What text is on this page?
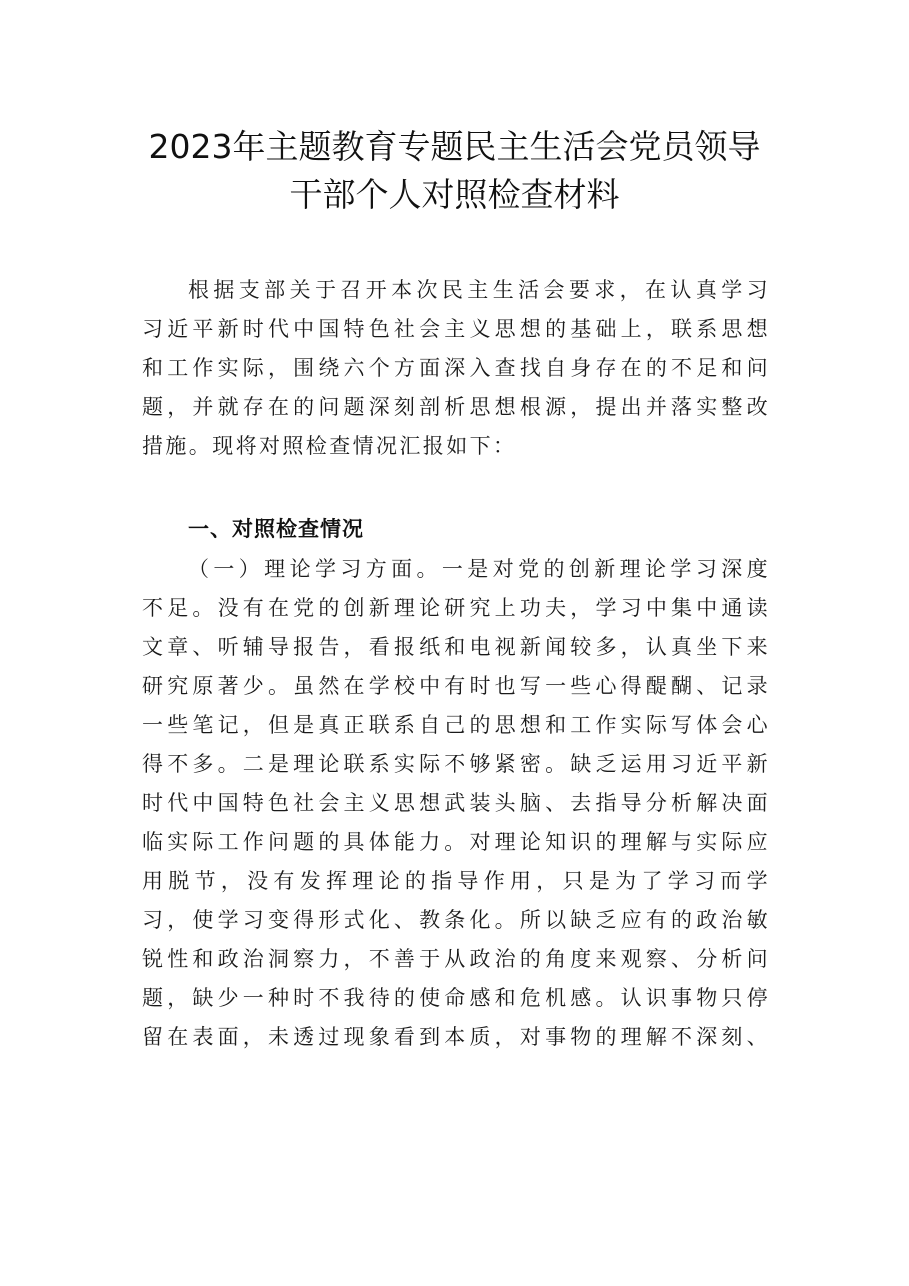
2023年主题教育专题民主生活会党员领导
干部个人对照检查材料
根据支部关于召开本次民主生活会要求，在认真学习
习近平新时代中国特色社会主义思想的基础上，联系思想
和工作实际，围绕六个方面深入查找自身存在的不足和问
题，并就存在的问题深刻剖析思想根源，提出并落实整改
措施。现将对照检查情况汇报如下：
一、对照检查情况
（一）理论学习方面。一是对党的创新理论学习深度
不足。没有在党的创新理论研究上功夫，学习中集中通读
文章、听辅导报告，看报纸和电视新闻较多，认真坐下来
研究原著少。虽然在学校中有时也写一些心得醍醐、记录
一些笔记，但是真正联系自己的思想和工作实际写体会心
得不多。二是理论联系实际不够紧密。缺乏运用习近平新
时代中国特色社会主义思想武装头脑、去指导分析解决面
临实际工作问题的具体能力。对理论知识的理解与实际应
用脱节，没有发挥理论的指导作用，只是为了学习而学
习，使学习变得形式化、教条化。所以缺乏应有的政治敏
锐性和政治洞察力，不善于从政治的角度来观察、分析问
题，缺少一种时不我待的使命感和危机感。认识事物只停
留在表面，未透过现象看到本质，对事物的理解不深刻、
